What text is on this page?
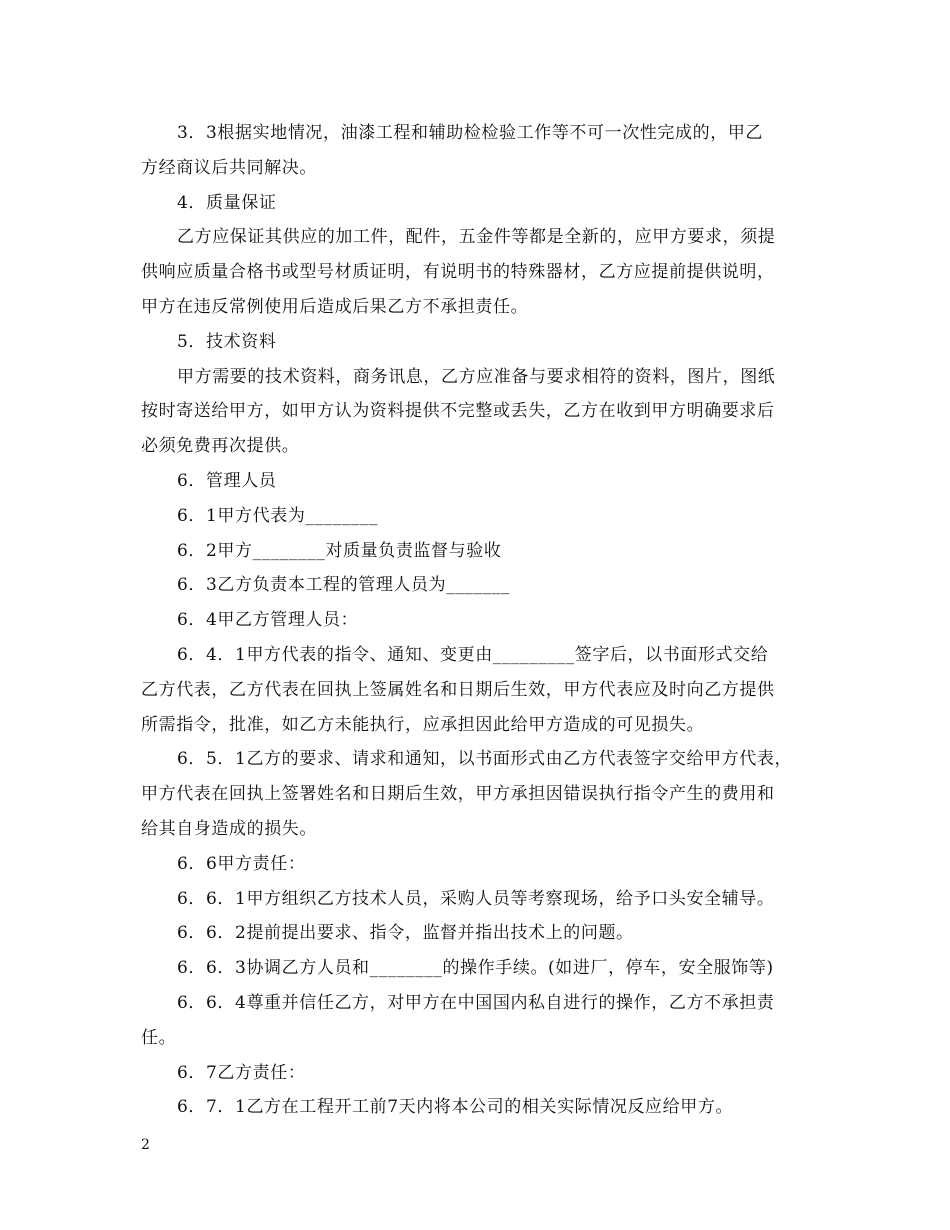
3．3根据实地情况，油漆工程和辅助检检验工作等不可一次性完成的，甲乙
方经商议后共同解决。
4．质量保证
乙方应保证其供应的加工件，配件，五金件等都是全新的，应甲方要求，须提
供响应质量合格书或型号材质证明，有说明书的特殊器材，乙方应提前提供说明，
甲方在违反常例使用后造成后果乙方不承担责任。
5．技术资料
甲方需要的技术资料，商务讯息，乙方应准备与要求相符的资料，图片，图纸
按时寄送给甲方，如甲方认为资料提供不完整或丢失，乙方在收到甲方明确要求后
必须免费再次提供。
6．管理人员
6．1甲方代表为________
6．2甲方________对质量负责监督与验收
6．3乙方负责本工程的管理人员为_______
6．4甲乙方管理人员：
6．4．1甲方代表的指令、通知、变更由_________签字后，以书面形式交给
乙方代表，乙方代表在回执上签属姓名和日期后生效，甲方代表应及时向乙方提供
所需指令，批准，如乙方未能执行，应承担因此给甲方造成的可见损失。
6．5．1乙方的要求、请求和通知，以书面形式由乙方代表签字交给甲方代表，
甲方代表在回执上签署姓名和日期后生效，甲方承担因错误执行指令产生的费用和
给其自身造成的损失。
6．6甲方责任：
6．6．1甲方组织乙方技术人员，采购人员等考察现场，给予口头安全辅导。
6．6．2提前提出要求、指令，监督并指出技术上的问题。
6．6．3协调乙方人员和________的操作手续。(如进厂，停车，安全服饰等)
6．6．4尊重并信任乙方，对甲方在中国国内私自进行的操作，乙方不承担责
任。
6．7乙方责任：
6．7．1乙方在工程开工前7天内将本公司的相关实际情况反应给甲方。
2
